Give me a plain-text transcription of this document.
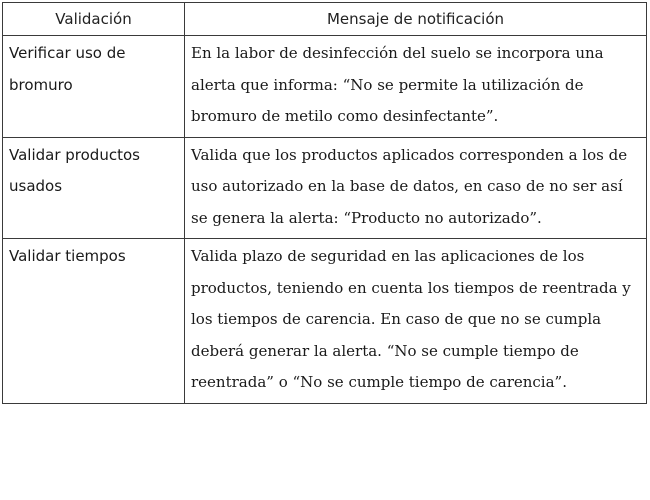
Validación	Mensaje de notificación
Verificar uso de bromuro	En la labor de desinfección del suelo se incorpora una alerta que informa: “No se permite la utilización de bromuro de metilo como desinfectante”.
Validar productos usados	Valida que los productos aplicados corresponden a los de uso autorizado en la base de datos, en caso de no ser así se genera la alerta: “Producto no autorizado”.
Validar tiempos	Valida plazo de seguridad en las aplicaciones de los productos, teniendo en cuenta los tiempos de reentrada y los tiempos de carencia. En caso de que no se cumpla deberá generar la alerta. “No se cumple tiempo de reentrada” o “No se cumple tiempo de carencia”.
